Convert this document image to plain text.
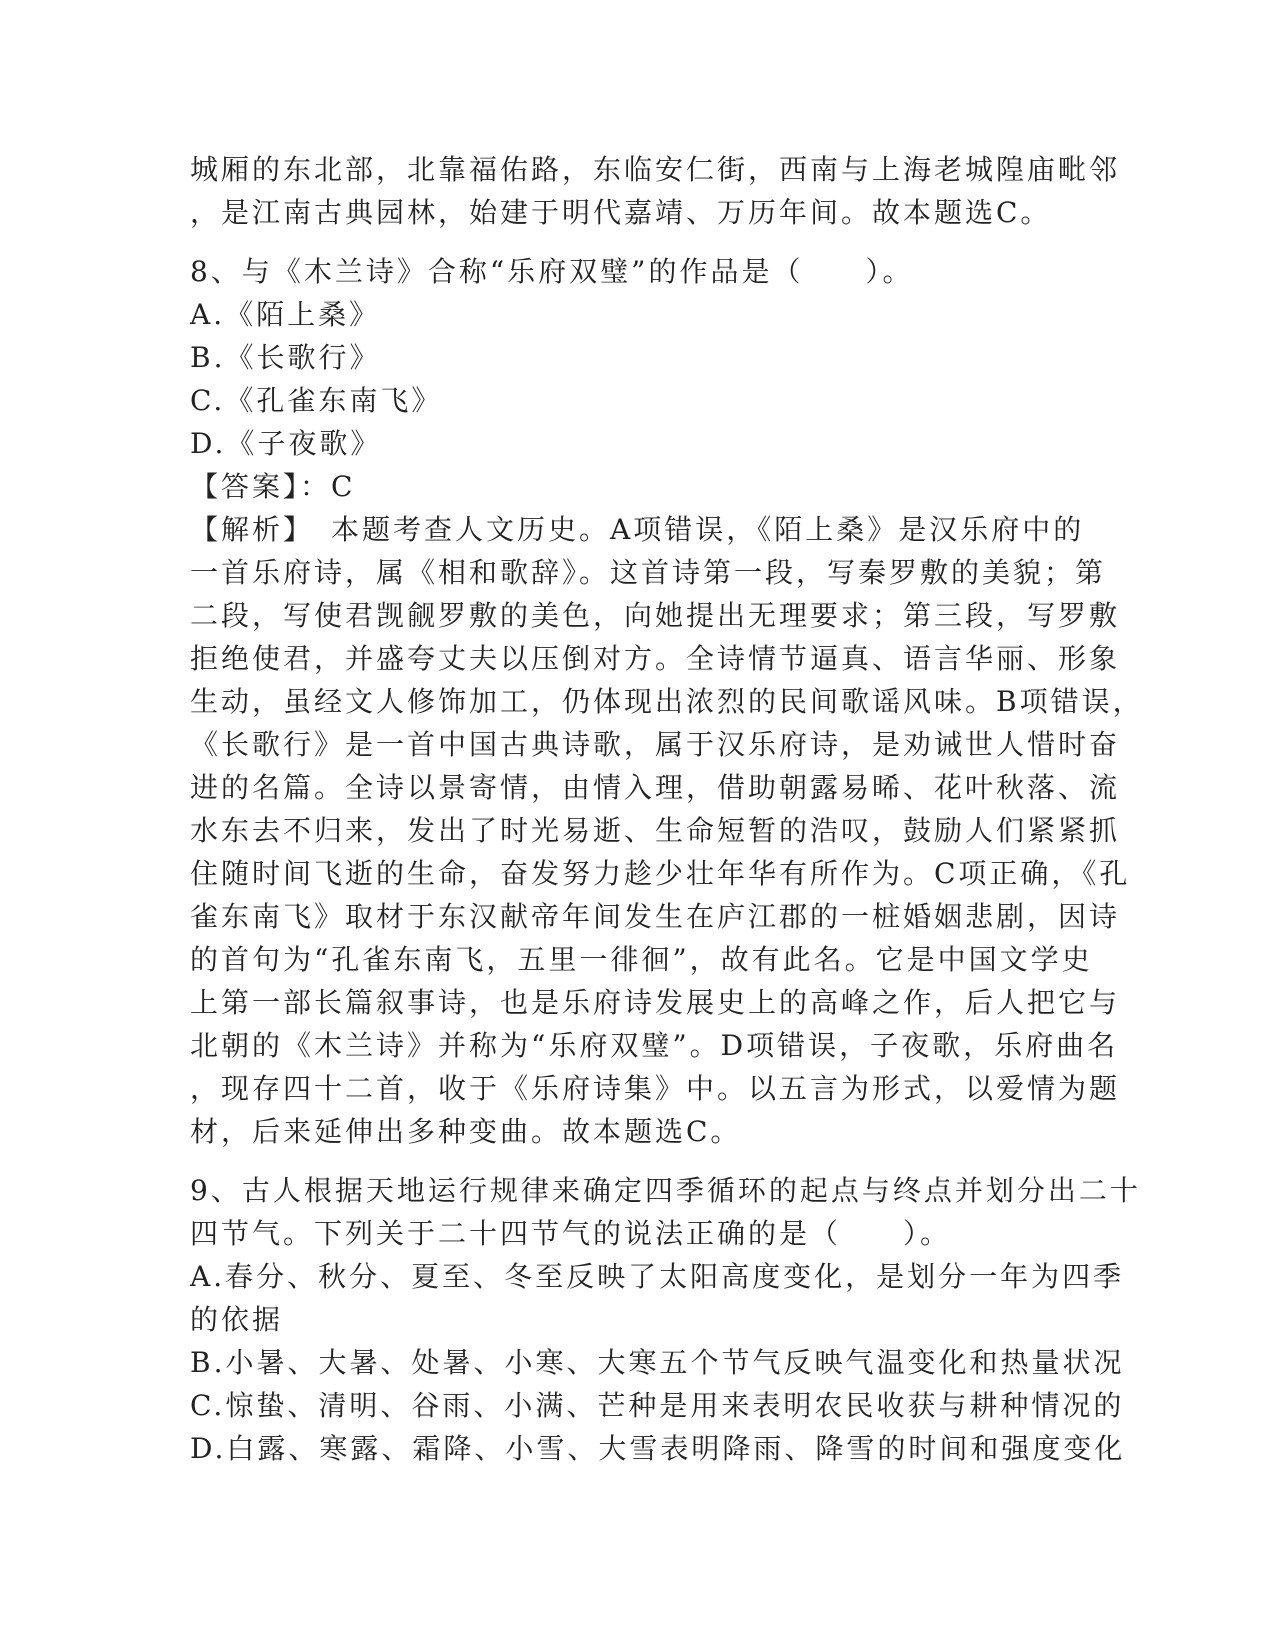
城厢的东北部，北靠福佑路，东临安仁街，西南与上海老城隍庙毗邻
，是江南古典园林，始建于明代嘉靖、万历年间。故本题选C。
8、与《木兰诗》合称“乐府双璧”的作品是（　　）。
A.《陌上桑》
B.《长歌行》
C.《孔雀东南飞》
D.《子夜歌》
【答案】：C
【解析】　本题考查人文历史。A项错误，《陌上桑》是汉乐府中的
一首乐府诗，属《相和歌辞》。这首诗第一段，写秦罗敷的美貌；第
二段，写使君觊觎罗敷的美色，向她提出无理要求；第三段，写罗敷
拒绝使君，并盛夸丈夫以压倒对方。全诗情节逼真、语言华丽、形象
生动，虽经文人修饰加工，仍体现出浓烈的民间歌谣风味。B项错误，
《长歌行》是一首中国古典诗歌，属于汉乐府诗，是劝诫世人惜时奋
进的名篇。全诗以景寄情，由情入理，借助朝露易晞、花叶秋落、流
水东去不归来，发出了时光易逝、生命短暂的浩叹，鼓励人们紧紧抓
住随时间飞逝的生命，奋发努力趁少壮年华有所作为。C项正确，《孔
雀东南飞》取材于东汉献帝年间发生在庐江郡的一桩婚姻悲剧，因诗
的首句为“孔雀东南飞，五里一徘徊”，故有此名。它是中国文学史
上第一部长篇叙事诗，也是乐府诗发展史上的高峰之作，后人把它与
北朝的《木兰诗》并称为“乐府双璧”。D项错误，子夜歌，乐府曲名
，现存四十二首，收于《乐府诗集》中。以五言为形式，以爱情为题
材，后来延伸出多种变曲。故本题选C。
9、古人根据天地运行规律来确定四季循环的起点与终点并划分出二十
四节气。下列关于二十四节气的说法正确的是（　　）。
A.春分、秋分、夏至、冬至反映了太阳高度变化，是划分一年为四季
的依据
B.小暑、大暑、处暑、小寒、大寒五个节气反映气温变化和热量状况
C.惊蛰、清明、谷雨、小满、芒种是用来表明农民收获与耕种情况的
D.白露、寒露、霜降、小雪、大雪表明降雨、降雪的时间和强度变化
